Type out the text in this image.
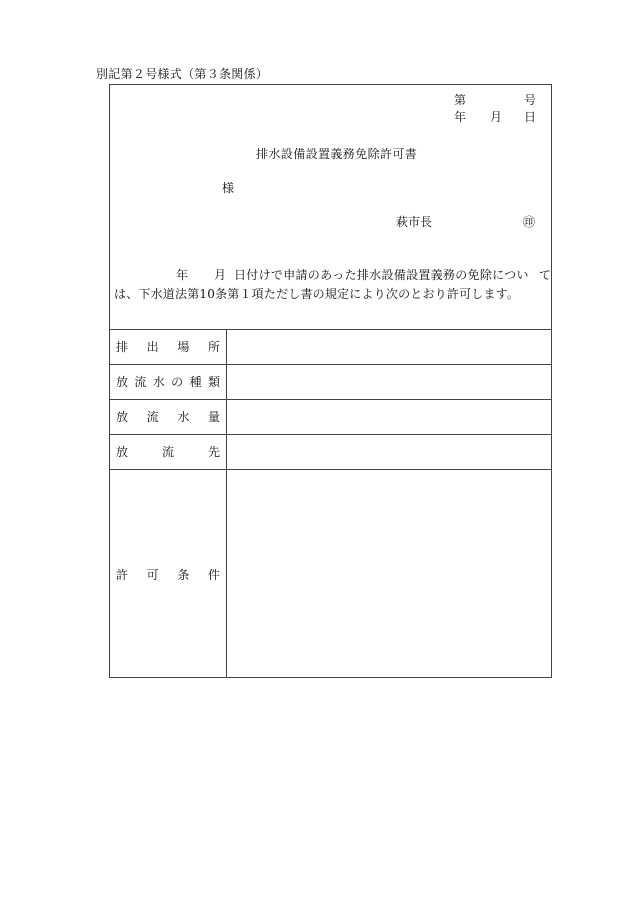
別記第２号様式（第３条関係）
第	号
年 月 日
排水設備設置義務免除許可書
様
萩市長	㊞
年 月 日付けで申請のあった排水設備設置義務の免除につい て
は、下水道法第10条第１項ただし書の規定により次のとおり許可します。
排 出 場 所
放 流 水 の 種 類
放 流 水 量
放	流	先
許 可 条 件
